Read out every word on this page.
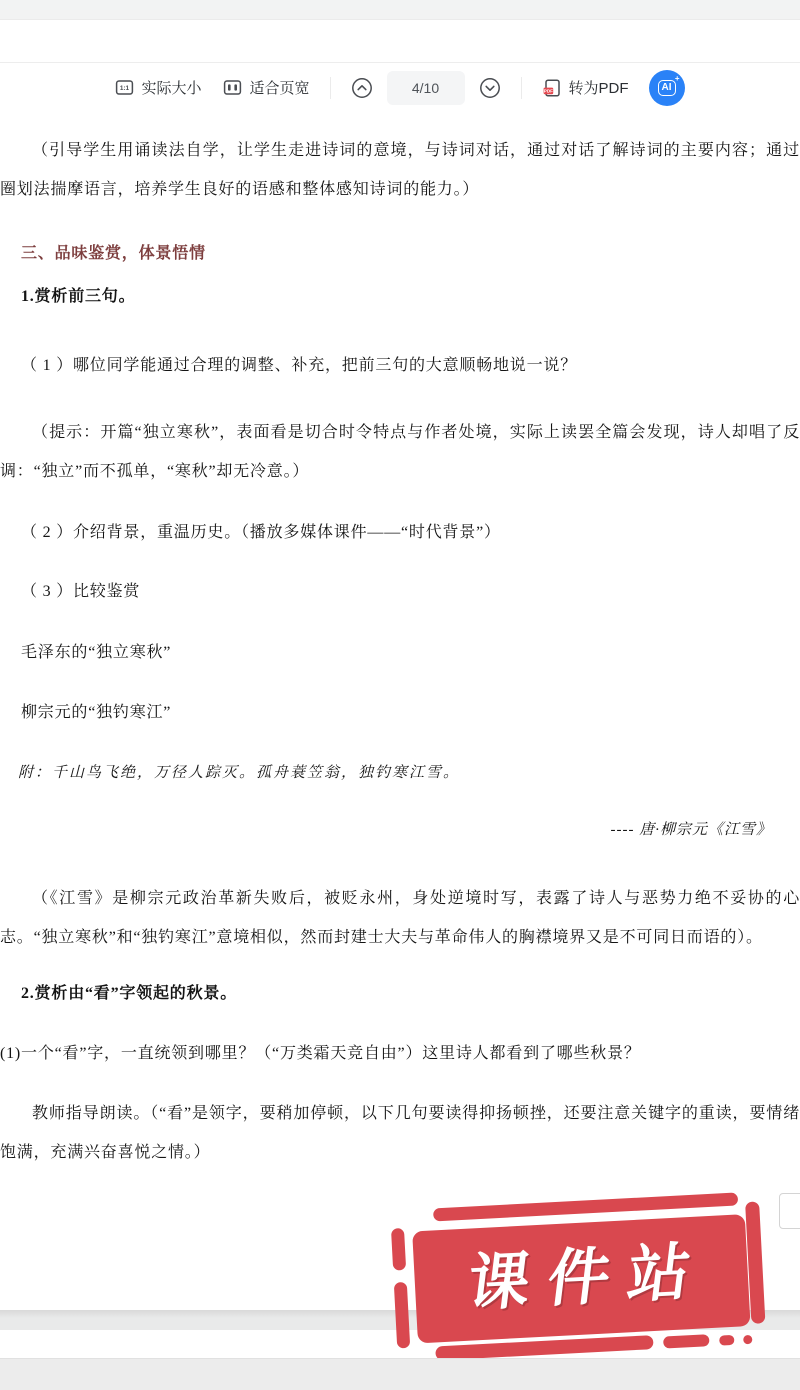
1:1 实际大小	适合页宽	4/10	PDF 转为PDF	AI
+

（引导学生用诵读法自学，让学生走进诗词的意境，与诗词对话，通过对话了解诗词的主要内容；通过圈划法揣摩语言，培养学生良好的语感和整体感知诗词的能力。）

三、品味鉴赏，体景悟情

1.赏析前三句。

（ 1 ）哪位同学能通过合理的调整、补充，把前三句的大意顺畅地说一说？

（提示：开篇“独立寒秋”，表面看是切合时令特点与作者处境，实际上读罢全篇会发现，诗人却唱了反调：“独立”而不孤单，“寒秋”却无冷意。）

（ 2 ）介绍背景，重温历史。（播放多媒体课件——“时代背景”）

（ 3 ）比较鉴赏

毛泽东的“独立寒秋”

柳宗元的“独钓寒江”

附：千山鸟飞绝，万径人踪灭。孤舟蓑笠翁，独钓寒江雪。

---- 唐·柳宗元《江雪》

（《江雪》是柳宗元政治革新失败后，被贬永州，身处逆境时写，表露了诗人与恶势力绝不妥协的心志。“独立寒秋”和“独钓寒江”意境相似，然而封建士大夫与革命伟人的胸襟境界又是不可同日而语的）。

2.赏析由“看”字领起的秋景。

(1)一个“看”字，一直统领到哪里？（“万类霜天竞自由”）这里诗人都看到了哪些秋景？

教师指导朗读。（“看”是领字，要稍加停顿，以下几句要读得抑扬顿挫，还要注意关键字的重读，要情绪饱满，充满兴奋喜悦之情。）

课件站
